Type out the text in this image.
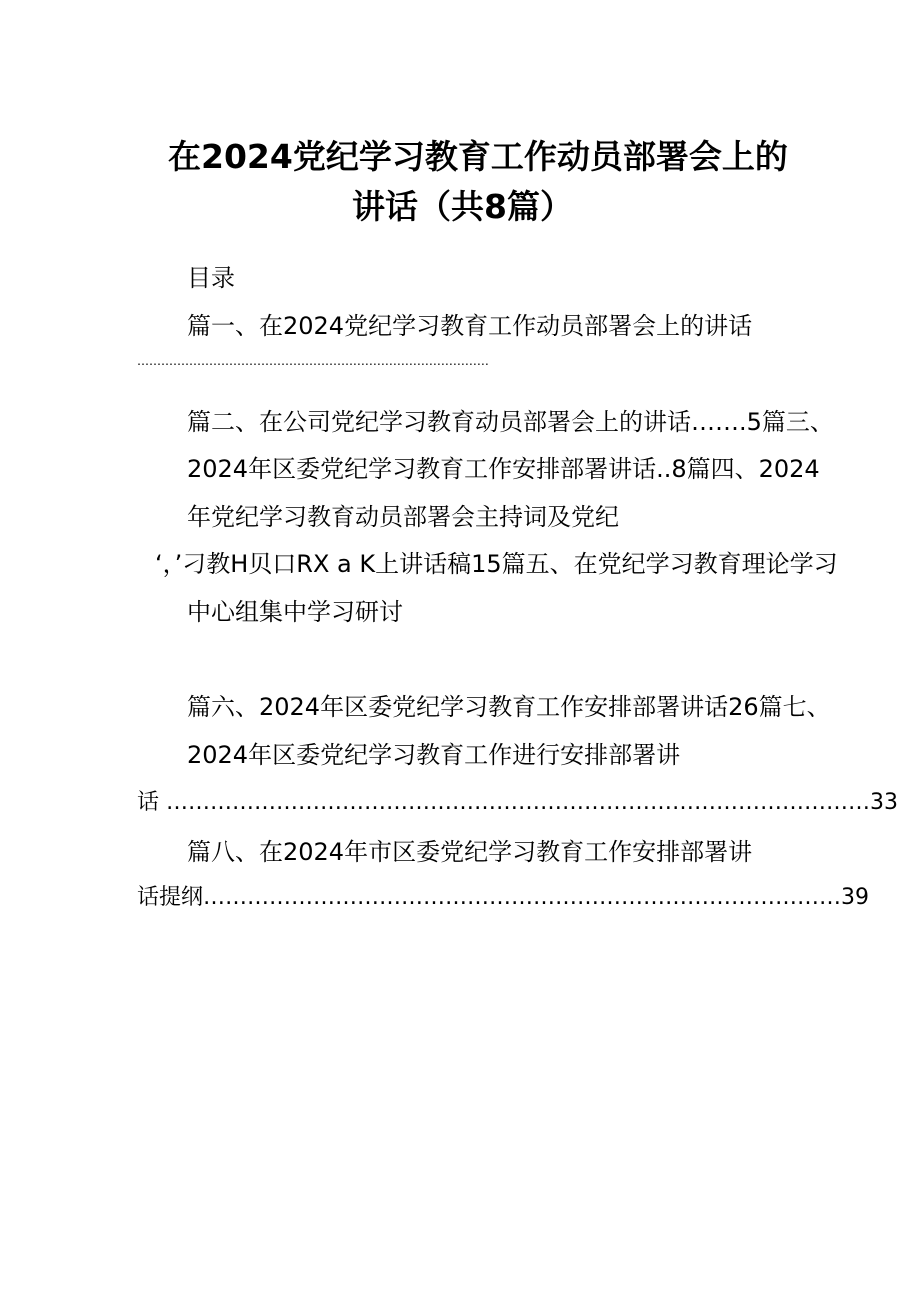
在2024党纪学习教育工作动员部署会上的
讲话（共8篇）
目录
篇一、在2024党纪学习教育工作动员部署会上的讲话
……………………………………………….……………………………
篇二、在公司党纪学习教育动员部署会上的讲话…….5篇三、
2024年区委党纪学习教育工作安排部署讲话..8篇四、2024
年党纪学习教育动员部署会主持词及党纪
‘，’刁教H贝口RX a K上讲话稿15篇五、在党纪学习教育理论学习
中心组集中学习研讨
篇六、2024年区委党纪学习教育工作安排部署讲话26篇七、
2024年区委党纪学习教育工作进行安排部署讲
话 ……………………………………………………………………………………33
篇八、在2024年市区委党纪学习教育工作安排部署讲
话提纲……………………………………………………………………………39
